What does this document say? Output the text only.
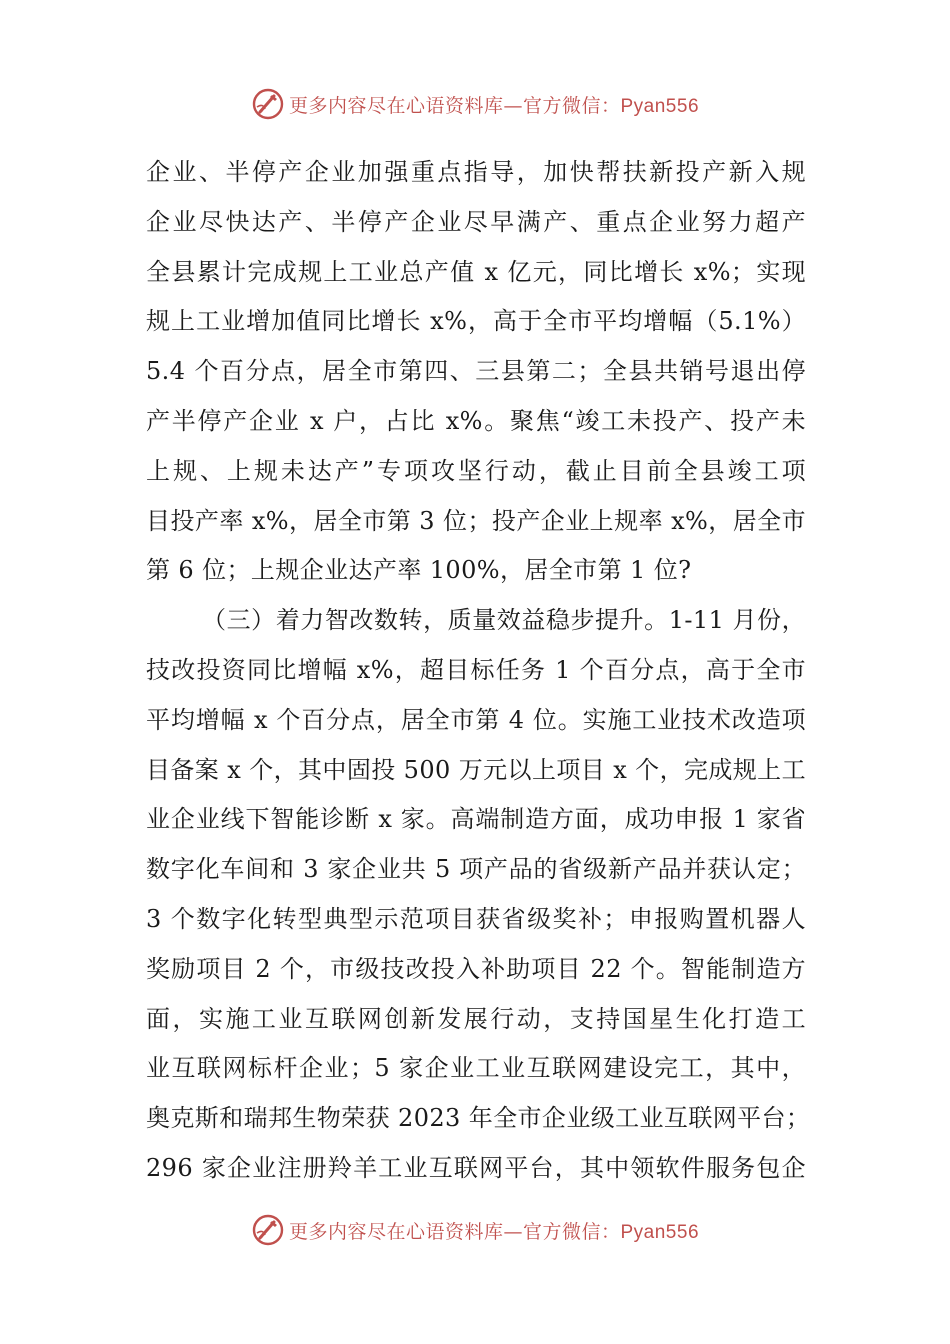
更多内容尽在心语资料库—官方微信：Pyan556
企业、半停产企业加强重点指导，加快帮扶新投产新入规
企业尽快达产、半停产企业尽早满产、重点企业努力超产
全县累计完成规上工业总产值 x 亿元，同比增长 x%；实现
规上工业增加值同比增长 x%，高于全市平均增幅（5.1%）
5.4 个百分点，居全市第四、三县第二；全县共销号退出停
产半停产企业 x 户，占比 x%。聚焦“竣工未投产、投产未
上规、上规未达产”专项攻坚行动，截止目前全县竣工项
目投产率 x%，居全市第 3 位；投产企业上规率 x%，居全市
第 6 位；上规企业达产率 100%，居全市第 1 位?
（三）着力智改数转，质量效益稳步提升。1-11 月份，
技改投资同比增幅 x%，超目标任务 1 个百分点，高于全市
平均增幅 x 个百分点，居全市第 4 位。实施工业技术改造项
目备案 x 个，其中固投 500 万元以上项目 x 个，完成规上工
业企业线下智能诊断 x 家。高端制造方面，成功申报 1 家省
数字化车间和 3 家企业共 5 项产品的省级新产品并获认定；
3 个数字化转型典型示范项目获省级奖补；申报购置机器人
奖励项目 2 个，市级技改投入补助项目 22 个。智能制造方
面，实施工业互联网创新发展行动，支持国星生化打造工
业互联网标杆企业；5 家企业工业互联网建设完工，其中，
奥克斯和瑞邦生物荣获 2023 年全市企业级工业互联网平台；
296 家企业注册羚羊工业互联网平台，其中领软件服务包企
更多内容尽在心语资料库—官方微信：Pyan556
